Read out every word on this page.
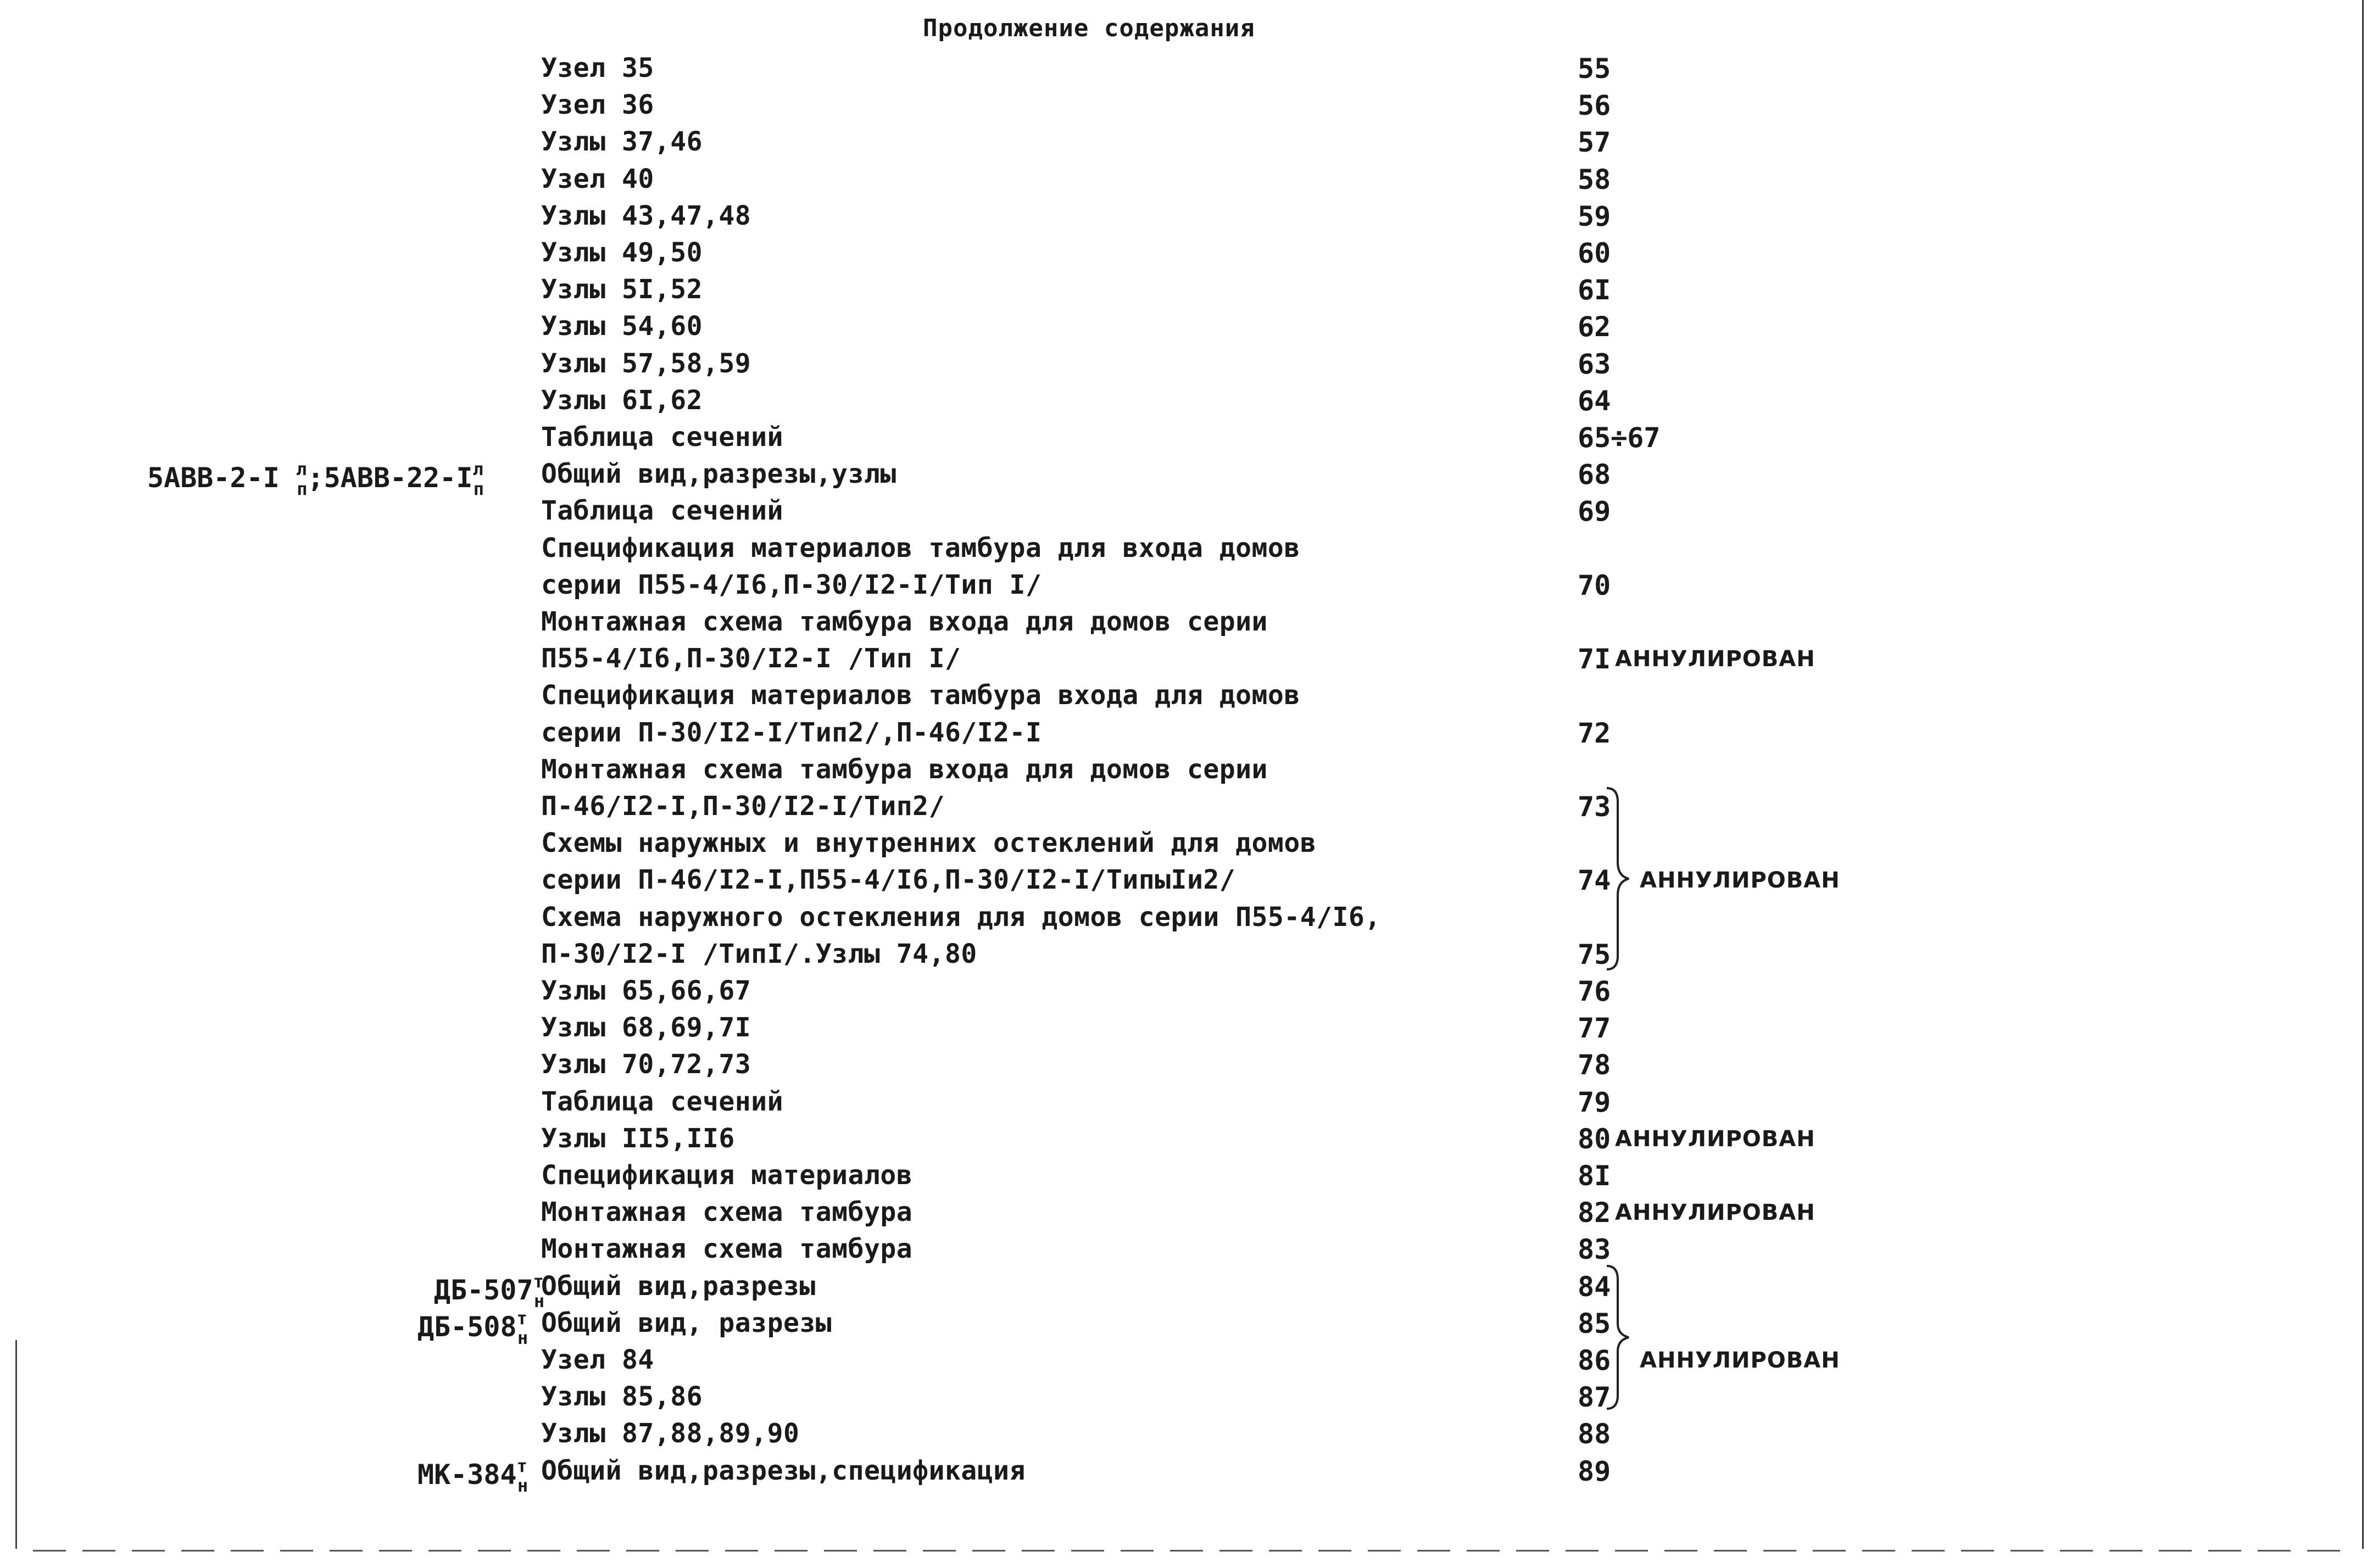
Продолжение содержания
Узел 35	55
Узел 36	56
Узлы 37,46	57
Узел 40	58
Узлы 43,47,48	59
Узлы 49,50	60
Узлы 5I,52	6I
Узлы 54,60	62
Узлы 57,58,59	63
Узлы 6I,62	64
Таблица сечений	65÷67
5АВВ-2-I $^л_п;5АВВ-22-I^л_п$ Общий вид,разрезы,узлы	68
Таблица сечений	69
Спецификация материалов тамбура для входа домов
серии П55-4/I6,П-30/I2-I/Тип I/	70
Монтажная схема тамбура входа для домов серии
П55-4/I6,П-30/I2-I /Тип I/	7I АННУЛИРОВАН
Спецификация материалов тамбура входа для домов
серии П-30/I2-I/Тип2/,П-46/I2-I	72
Монтажная схема тамбура входа для домов серии
П-46/I2-I,П-30/I2-I/Тип2/	73
Схемы наружных и внутренних остеклений для домов
серии П-46/I2-I,П55-4/I6,П-30/I2-I/ТипыIи2/	74 АННУЛИРОВАН
Схема наружного остекления для домов серии П55-4/I6,
П-30/I2-I /ТипI/.Узлы 74,80	75
Узлы 65,66,67	76
Узлы 68,69,7I	77
Узлы 70,72,73	78
Таблица сечений	79
Узлы II5,II6	80 АННУЛИРОВАН
Спецификация материалов	8I
Монтажная схема тамбура	82 АННУЛИРОВАН
Монтажная схема тамбура	83
$ДБ-507^т_н$
Общий вид,разрезы	84
$ДБ-508^т_н$ Общий вид, разрезы	85
Узел 84	86 АННУЛИРОВАН
Узлы 85,86	87
Узлы 87,88,89,90	88
$МК-384^т_н$ Общий вид,разрезы,спецификация	89
